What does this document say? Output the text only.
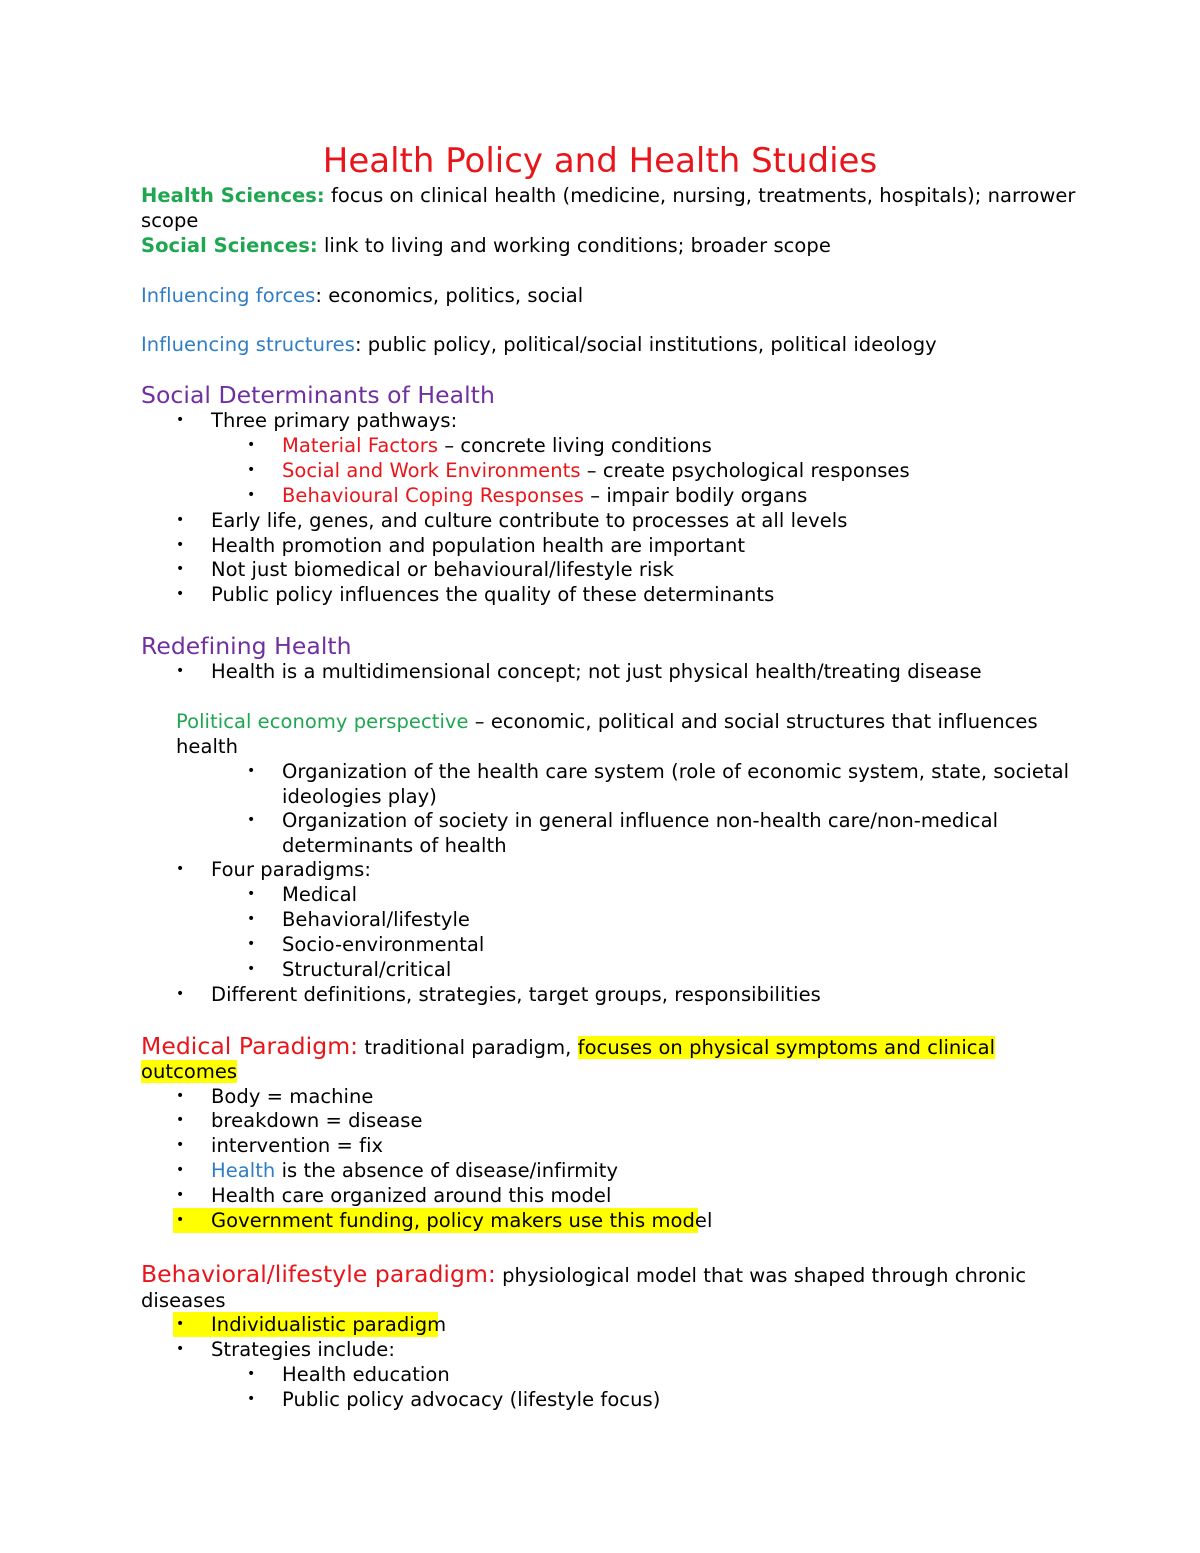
Health Policy and Health Studies
Health Sciences: focus on clinical health (medicine, nursing, treatments, hospitals); narrower
scope
Social Sciences: link to living and working conditions; broader scope
Influencing forces: economics, politics, social
Influencing structures: public policy, political/social institutions, political ideology
Social Determinants of Health
• Three primary pathways:
• Material Factors – concrete living conditions
• Social and Work Environments – create psychological responses
• Behavioural Coping Responses – impair bodily organs
• Early life, genes, and culture contribute to processes at all levels
• Health promotion and population health are important
• Not just biomedical or behavioural/lifestyle risk
• Public policy influences the quality of these determinants
Redefining Health
• Health is a multidimensional concept; not just physical health/treating disease
Political economy perspective – economic, political and social structures that influences
health
• Organization of the health care system (role of economic system, state, societal
ideologies play)
• Organization of society in general influence non-health care/non-medical
determinants of health
• Four paradigms:
• Medical
• Behavioral/lifestyle
• Socio-environmental
• Structural/critical
• Different definitions, strategies, target groups, responsibilities
Medical Paradigm: traditional paradigm, focuses on physical symptoms and clinical
outcomes
• Body = machine
• breakdown = disease
• intervention = fix
• Health is the absence of disease/infirmity
• Health care organized around this model
• Government funding, policy makers use this model
Behavioral/lifestyle paradigm: physiological model that was shaped through chronic
diseases
• Individualistic paradigm
• Strategies include:
• Health education
• Public policy advocacy (lifestyle focus)
